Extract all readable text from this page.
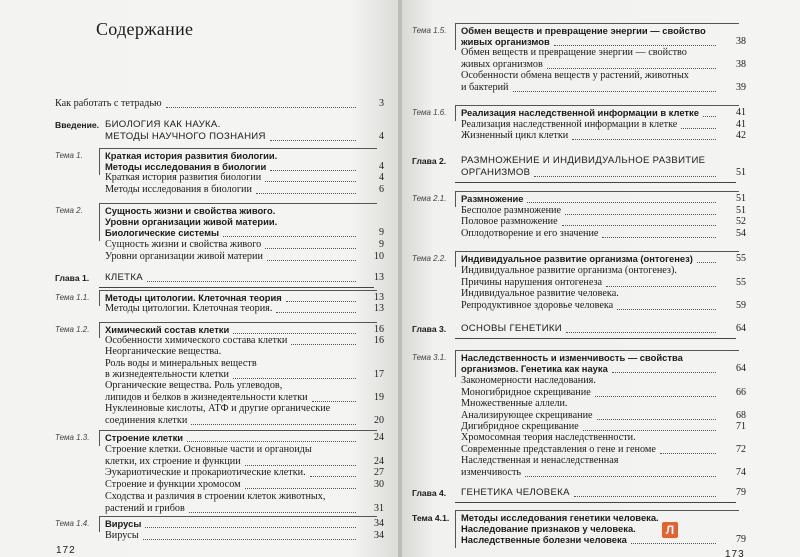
Содержание
Как работать с тетрадью	3
Введение. БИОЛОГИЯ КАК НАУКА.
МЕТОДЫ НАУЧНОГО ПОЗНАНИЯ	4
Тема 1. Краткая история развития биологии.
Методы исследования в биологии	4
Краткая история развития биологии	4
Методы исследования в биологии	6
Тема 2. Сущность жизни и свойства живого.
Уровни организации живой материи.
Биологические системы	9
Сущность жизни и свойства живого	9
Уровни организации живой материи	10
Глава 1. КЛЕТКА	13
Тема 1.1. Методы цитологии. Клеточная теория	13
Методы цитологии. Клеточная теория.	13
Тема 1.2. Химический состав клетки	16
Особенности химического состава клетки	16
Неорганические вещества.
Роль воды и минеральных веществ
в жизнедеятельности клетки	17
Органические вещества. Роль углеводов,
липидов и белков в жизнедеятельности клетки	19
Нуклеиновые кислоты, АТФ и другие органические
соединения клетки	20
Тема 1.3. Строение клетки	24
Строение клетки. Основные части и органоиды
клетки, их строение и функции	24
Эукариотические и прокариотические клетки.	27
Строение и функции хромосом	30
Сходства и различия в строении клеток животных,
растений и грибов	31
Тема 1.4. Вирусы	34
Вирусы	34
Тема 1.5. Обмен веществ и превращение энергии — свойство
живых организмов	38
Обмен веществ и превращение энергии — свойство
живых организмов	38
Особенности обмена веществ у растений, животных
и бактерий	39
Тема 1.6. Реализация наследственной информации в клетке	41
Реализация наследственной информации в клетке	41
Жизненный цикл клетки	42
Глава 2. РАЗМНОЖЕНИЕ И ИНДИВИДУАЛЬНОЕ РАЗВИТИЕ
ОРГАНИЗМОВ	51
Тема 2.1. Размножение	51
Бесполое размножение	51
Половое размножение	52
Оплодотворение и его значение	54
Тема 2.2. Индивидуальное развитие организма (онтогенез)	55
Индивидуальное развитие организма (онтогенез).
Причины нарушения онтогенеза	55
Индивидуальное развитие человека.
Репродуктивное здоровье человека	59
Глава 3. ОСНОВЫ ГЕНЕТИКИ	64
Тема 3.1. Наследственность и изменчивость — свойства
организмов. Генетика как наука	64
Закономерности наследования.
Моногибридное скрещивание	66
Множественные аллели.
Анализирующее скрещивание	68
Дигибридное скрещивание	71
Хромосомная теория наследственности.
Современные представления о гене и геноме	72
Наследственная и ненаследственная
изменчивость	74
Глава 4. ГЕНЕТИКА ЧЕЛОВЕКА	79
Тема 4.1. Методы исследования генетики человека.
Наследование признаков у человека.
Наследственные болезни человека	79
172	173
Л
